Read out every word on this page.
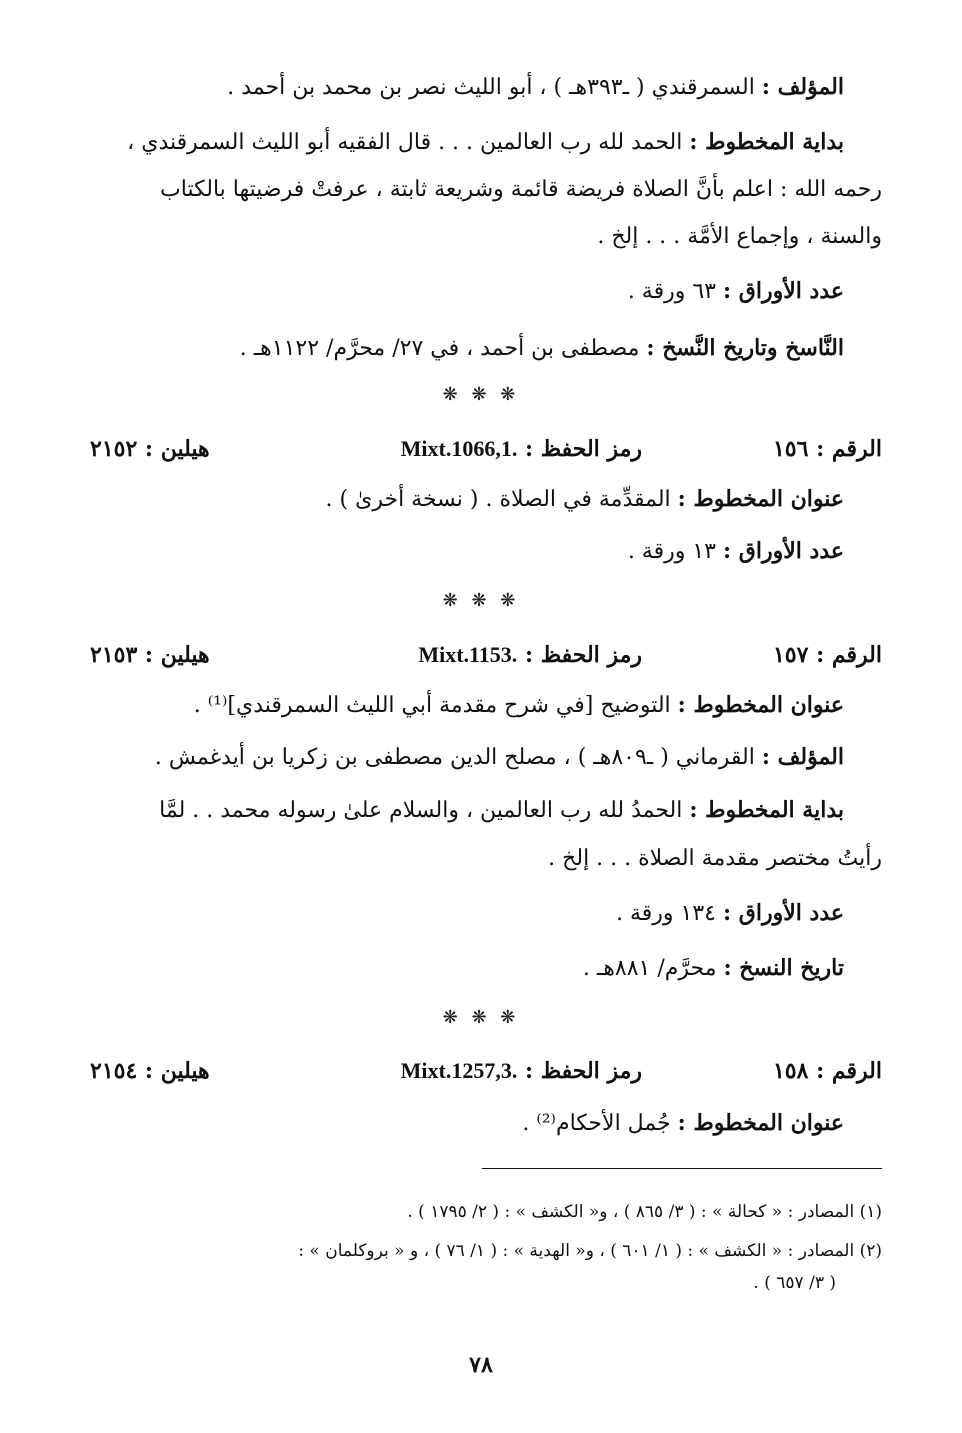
المؤلف : السمرقندي ( ـ٣٩٣هـ ) ، أبو الليث نصر بن محمد بن أحمد .
بداية المخطوط : الحمد لله رب العالمين . . . قال الفقيه أبو الليث السمرقندي ،
رحمه الله : اعلم بأنَّ الصلاة فريضة قائمة وشريعة ثابتة ، عرفتْ فرضيتها بالكتاب
والسنة ، وإجماع الأمَّة . . . إلخ .
عدد الأوراق : ٦٣ ورقة .
النَّاسخ وتاريخ النَّسخ : مصطفى بن أحمد ، في ٢٧/ محرَّم/ ١١٢٢هـ .
❋ ❋ ❋
الرقم : ١٥٦
رمز الحفظ : Mixt.1066,1.
هيلين : ٢١٥٢
عنوان المخطوط : المقدِّمة في الصلاة . ( نسخة أخرىٰ ) .
عدد الأوراق : ١٣ ورقة .
❋ ❋ ❋
الرقم : ١٥٧
رمز الحفظ : Mixt.1153.
هيلين : ٢١٥٣
عنوان المخطوط : التوضيح [في شرح مقدمة أبي الليث السمرقندي]⁽¹⁾ .
المؤلف : القرماني ( ـ٨٠٩هـ ) ، مصلح الدين مصطفى بن زكريا بن أيدغمش .
بداية المخطوط : الحمدُ لله رب العالمين ، والسلام علىٰ رسوله محمد . . لمَّا
رأيتُ مختصر مقدمة الصلاة . . . إلخ .
عدد الأوراق : ١٣٤ ورقة .
تاريخ النسخ : محرَّم/ ٨٨١هـ .
❋ ❋ ❋
الرقم : ١٥٨
رمز الحفظ : Mixt.1257,3.
هيلين : ٢١٥٤
عنوان المخطوط : جُمل الأحكام⁽²⁾ .
(١) المصادر : « كحالة » : ( ٣/ ٨٦٥ ) ، و« الكشف » : ( ٢/ ١٧٩٥ ) .
(٢) المصادر : « الكشف » : ( ١/ ٦٠١ ) ، و« الهدية » : ( ١/ ٧٦ ) ، و « بروكلمان » :
( ٣/ ٦٥٧ ) .
٧٨
